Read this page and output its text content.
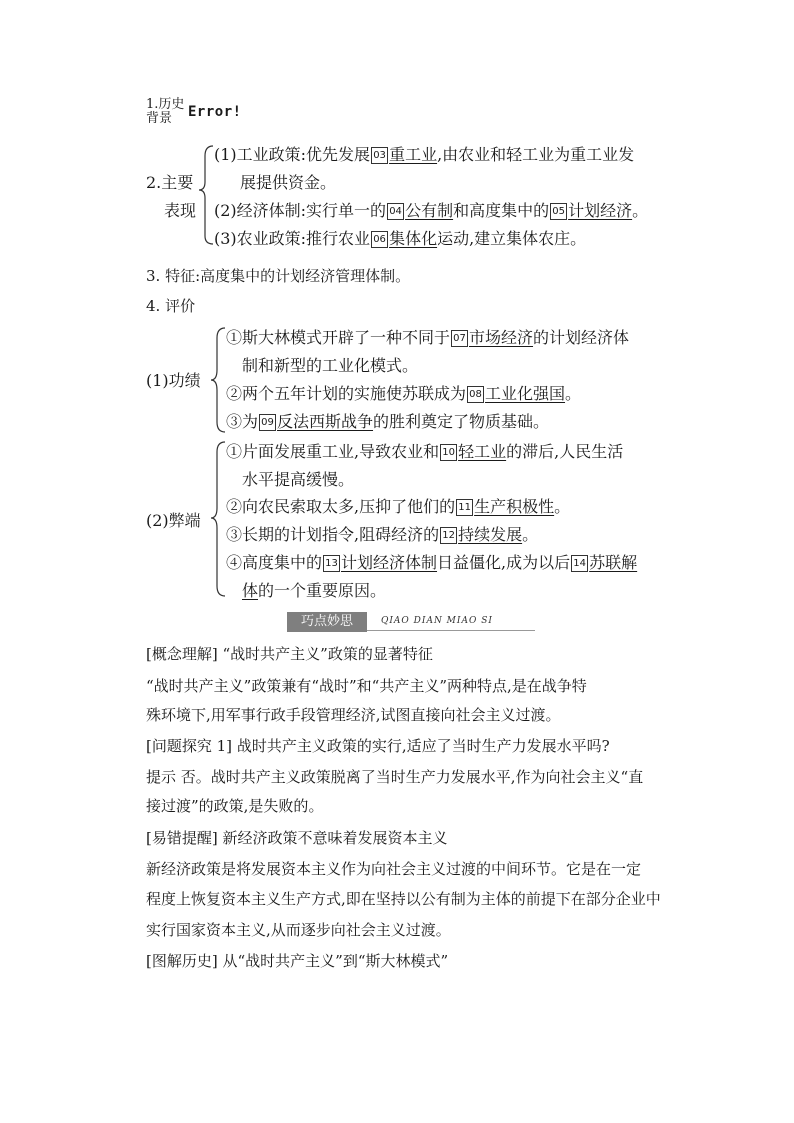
1.历史
背景 Error!
2.主要
表现
(1)工业政策:优先发展 03 重工业,由农业和轻工业为重工业发
展提供资金。
(2)经济体制:实行单一的 04 公有制和高度集中的 05 计划经济。
(3)农业政策:推行农业 06 集体化运动,建立集体农庄。
3. 特征:高度集中的计划经济管理体制。
4. 评价
(1)功绩
①斯大林模式开辟了一种不同于 07 市场经济的计划经济体
制和新型的工业化模式。
②两个五年计划的实施使苏联成为 08 工业化强国。
③为 09 反法西斯战争的胜利奠定了物质基础。
(2)弊端
①片面发展重工业,导致农业和 10 轻工业的滞后,人民生活
水平提高缓慢。
②向农民索取太多,压抑了他们的 11 生产积极性。
③长期的计划指令,阻碍经济的 12 持续发展。
④高度集中的 13 计划经济体制日益僵化,成为以后 14 苏联解
体的一个重要原因。
巧点妙思	QIAO DIAN MIAO SI
[概念理解] “战时共产主义”政策的显著特征
“战时共产主义”政策兼有“战时”和“共产主义”两种特点,是在战争特
殊环境下,用军事行政手段管理经济,试图直接向社会主义过渡。
[问题探究 1] 战时共产主义政策的实行,适应了当时生产力发展水平吗?
提示 否。战时共产主义政策脱离了当时生产力发展水平,作为向社会主义“直
接过渡”的政策,是失败的。
[易错提醒] 新经济政策不意味着发展资本主义
新经济政策是将发展资本主义作为向社会主义过渡的中间环节。它是在一定
程度上恢复资本主义生产方式,即在坚持以公有制为主体的前提下在部分企业中
实行国家资本主义,从而逐步向社会主义过渡。
[图解历史] 从“战时共产主义”到“斯大林模式”
